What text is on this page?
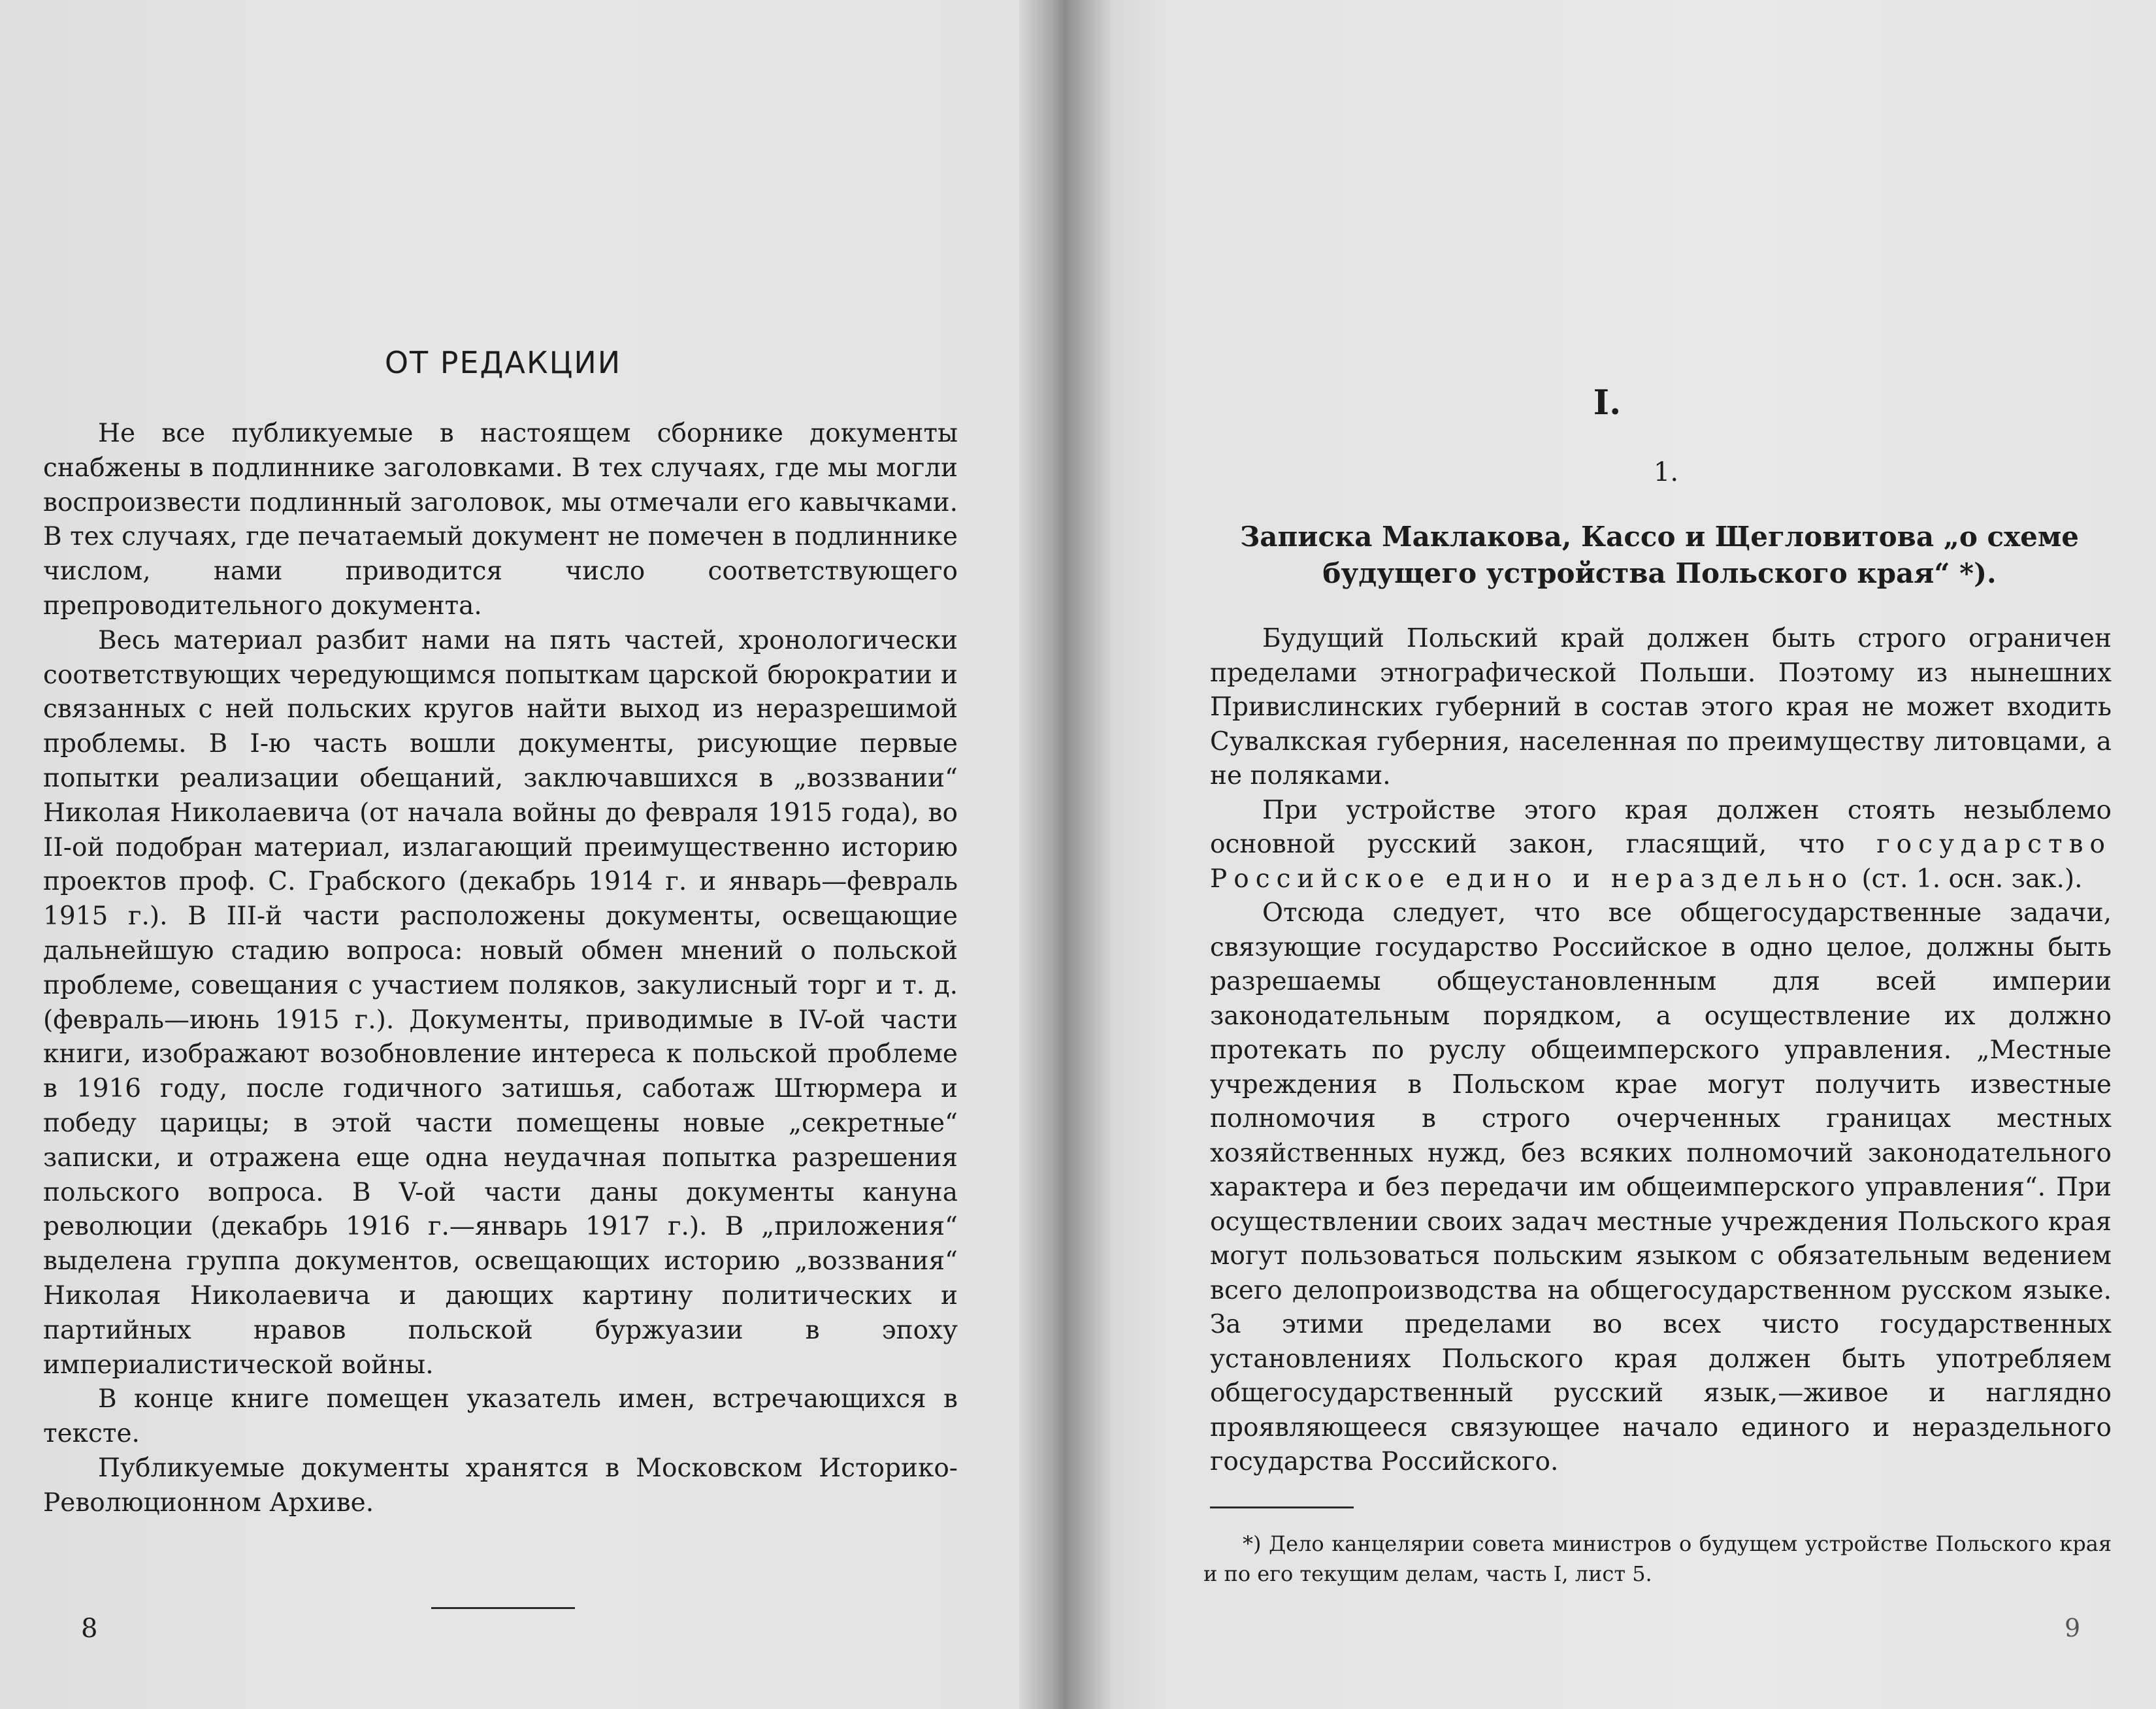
ОТ РЕДАКЦИИ

Не все публикуемые в настоящем сборнике документы снабжены в подлиннике заголовками. В тех случаях, где мы могли воспроизвести подлинный заголовок, мы отмечали его кавычками. В тех случаях, где печатаемый документ не помечен в подлиннике числом, нами приводится число соответствующего препроводительного документа.

Весь материал разбит нами на пять частей, хронологически соответствующих чередующимся попыткам царской бюрократии и связанных с ней польских кругов найти выход из неразрешимой проблемы. В I-ю часть вошли документы, рисующие первые попытки реализации обещаний, заключавшихся в „воззвании“ Николая Николаевича (от начала войны до февраля 1915 года), во II-ой подобран материал, излагающий преимущественно историю проектов проф. С. Грабского (декабрь 1914 г. и январь—февраль 1915 г.). В III-й части расположены документы, освещающие дальнейшую стадию вопроса: новый обмен мнений о польской проблеме, совещания с участием поляков, закулисный торг и т. д. (февраль—июнь 1915 г.). Документы, приводимые в IV-ой части книги, изображают возобновление интереса к польской проблеме в 1916 году, после годичного затишья, саботаж Штюрмера и победу царицы; в этой части помещены новые „секретные“ записки, и отражена еще одна неудачная попытка разрешения польского вопроса. В V-ой части даны документы кануна революции (декабрь 1916 г.—январь 1917 г.). В „приложения“ выделена группа документов, освещающих историю „воззвания“ Николая Николаевича и дающих картину политических и партийных нравов польской буржуазии в эпоху империалистической войны.

В конце книге помещен указатель имен, встречающихся в тексте.

Публикуемые документы хранятся в Московском Историко-Революционном Архиве.

8
I.
1.
Записка Маклакова, Кассо и Щегловитова „о схеме будущего устройства Польского края“ *).

Будущий Польский край должен быть строго ограничен пределами этнографической Польши. Поэтому из нынешних Привислинских губерний в состав этого края не может входить Сувалкская губерния, населенная по преимуществу литовцами, а не поляками.

При устройстве этого края должен стоять незыблемо основной русский закон, гласящий, что государство Российское едино и нераздельно (ст. 1. осн. зак.).

Отсюда следует, что все общегосударственные задачи, связующие государство Российское в одно целое, должны быть разрешаемы общеустановленным для всей империи законодательным порядком, а осуществление их должно протекать по руслу общеимперского управления. „Местные учреждения в Польском крае могут получить известные полномочия в строго очерченных границах местных хозяйственных нужд, без всяких полномочий законодательного характера и без передачи им общеимперского управления“. При осуществлении своих задач местные учреждения Польского края могут пользоваться польским языком с обязательным ведением всего делопроизводства на общегосударственном русском языке. За этими пределами во всех чисто государственных установлениях Польского края должен быть употребляем общегосударственный русский язык,—живое и наглядно проявляющееся связующее начало единого и нераздельного государства Российского.

*) Дело канцелярии совета министров о будущем устройстве Польского края и по его текущим делам, часть I, лист 5.

9
